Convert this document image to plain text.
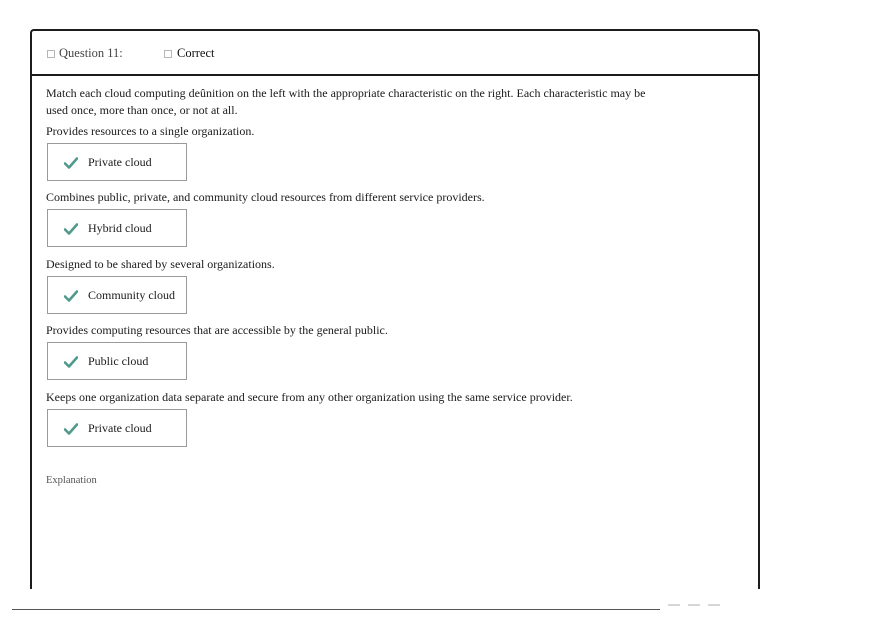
Question 11:	Correct
Match each cloud computing deûnition on the left with the appropriate characteristic on the right. Each characteristic may be used once, more than once, or not at all.
Provides resources to a single organization.
Private cloud
Combines public, private, and community cloud resources from different service providers.
Hybrid cloud
Designed to be shared by several organizations.
Community cloud
Provides computing resources that are accessible by the general public.
Public cloud
Keeps one organization data separate and secure from any other organization using the same service provider.
Private cloud
Explanation
